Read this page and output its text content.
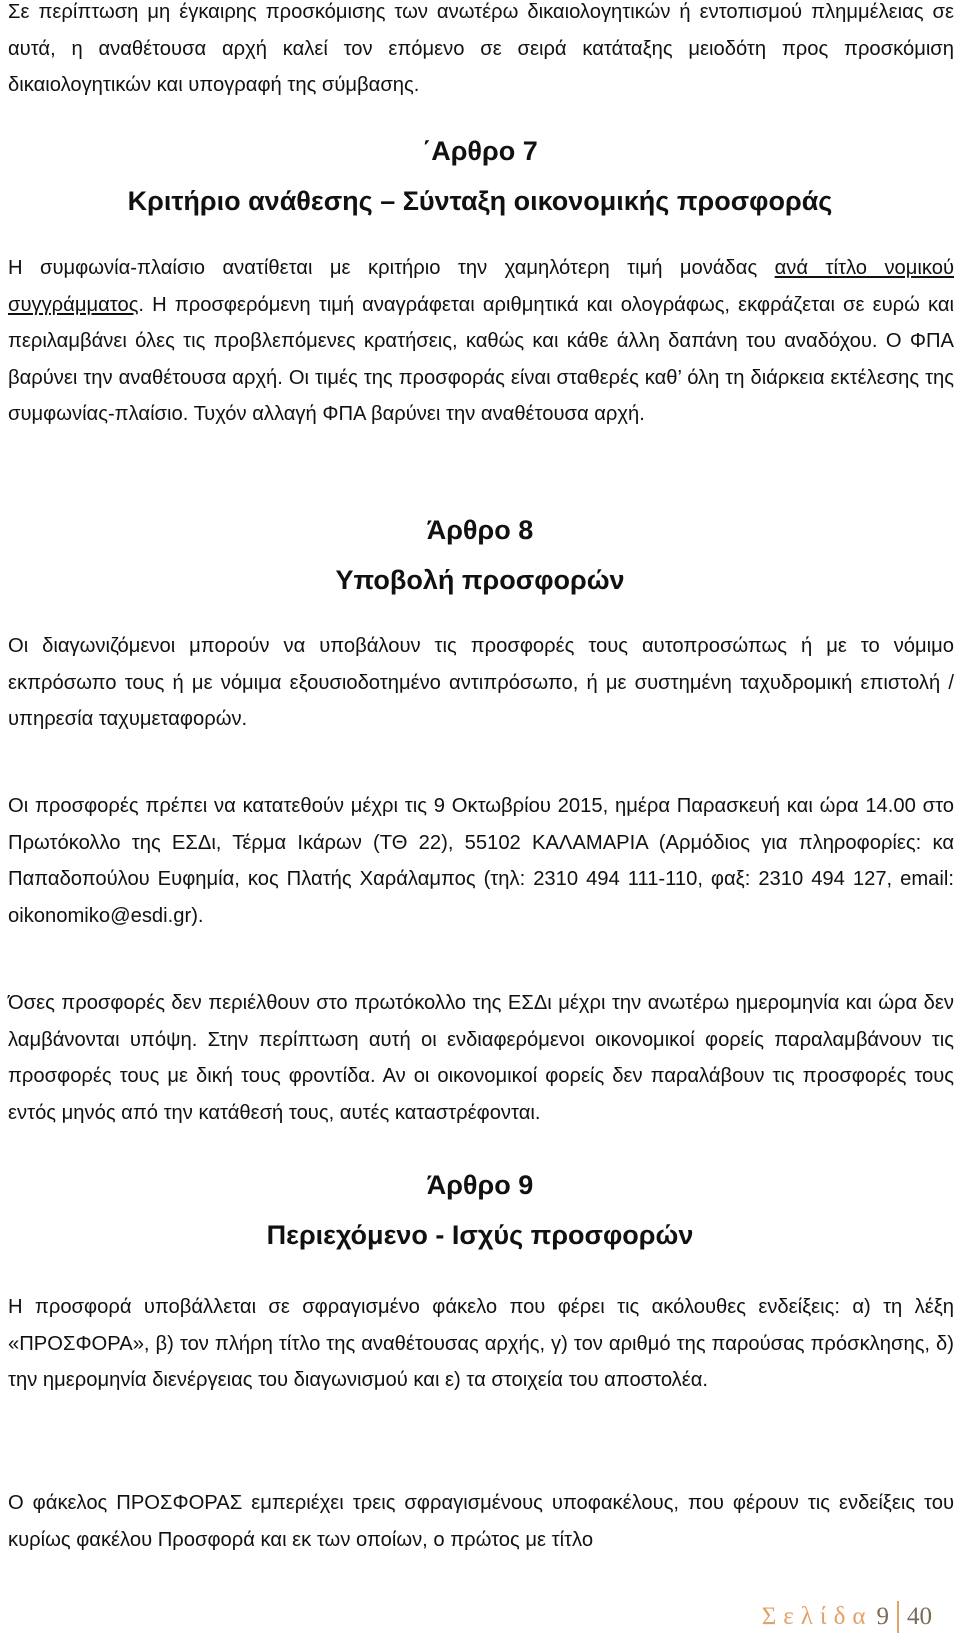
Σε περίπτωση μη έγκαιρης προσκόμισης των ανωτέρω δικαιολογητικών ή εντοπισμού πλημμέλειας σε αυτά, η αναθέτουσα αρχή καλεί τον επόμενο σε σειρά κατάταξης μειοδότη προς προσκόμιση δικαιολογητικών και υπογραφή της σύμβασης.

΄Αρθρο 7
Κριτήριο ανάθεσης – Σύνταξη οικονομικής προσφοράς

Η συμφωνία-πλαίσιο ανατίθεται με κριτήριο την χαμηλότερη τιμή μονάδας ανά τίτλο νομικού συγγράμματος. Η προσφερόμενη τιμή αναγράφεται αριθμητικά και ολογράφως, εκφράζεται σε ευρώ και περιλαμβάνει όλες τις προβλεπόμενες κρατήσεις, καθώς και κάθε άλλη δαπάνη του αναδόχου. Ο ΦΠΑ βαρύνει την αναθέτουσα αρχή. Οι τιμές της προσφοράς είναι σταθερές καθ’ όλη τη διάρκεια εκτέλεσης της συμφωνίας-πλαίσιο. Τυχόν αλλαγή ΦΠΑ βαρύνει την αναθέτουσα αρχή.

Άρθρο 8
Υποβολή προσφορών

Οι διαγωνιζόμενοι μπορούν να υποβάλουν τις προσφορές τους αυτοπροσώπως ή με το νόμιμο εκπρόσωπο τους ή με νόμιμα εξουσιοδοτημένο αντιπρόσωπο, ή με συστημένη ταχυδρομική επιστολή / υπηρεσία ταχυμεταφορών.

Οι προσφορές πρέπει να κατατεθούν μέχρι τις 9 Οκτωβρίου 2015, ημέρα Παρασκευή και ώρα 14.00 στο Πρωτόκολλο της ΕΣΔι, Τέρμα Ικάρων (ΤΘ 22), 55102 ΚΑΛΑΜΑΡΙΑ (Αρμόδιος για πληροφορίες: κα Παπαδοπούλου Ευφημία, κος Πλατής Χαράλαμπος (τηλ: 2310 494 111-110, φαξ: 2310 494 127, email: oikonomiko@esdi.gr).

Όσες προσφορές δεν περιέλθουν στο πρωτόκολλο της ΕΣΔι μέχρι την ανωτέρω ημερομηνία και ώρα δεν λαμβάνονται υπόψη. Στην περίπτωση αυτή οι ενδιαφερόμενοι οικονομικοί φορείς παραλαμβάνουν τις προσφορές τους με δική τους φροντίδα. Αν οι οικονομικοί φορείς δεν παραλάβουν τις προσφορές τους εντός μηνός από την κατάθεσή τους, αυτές καταστρέφονται.

Άρθρο 9
Περιεχόμενο - Ισχύς προσφορών

Η προσφορά υποβάλλεται σε σφραγισμένο φάκελο που φέρει τις ακόλουθες ενδείξεις: α) τη λέξη «ΠΡΟΣΦΟΡΑ», β) τον πλήρη τίτλο της αναθέτουσας αρχής, γ) τον αριθμό της παρούσας πρόσκλησης, δ) την ημερομηνία διενέργειας του διαγωνισμού και ε) τα στοιχεία του αποστολέα.

Ο φάκελος ΠΡΟΣΦΟΡΑΣ εμπεριέχει τρεις σφραγισμένους υποφακέλους, που φέρουν τις ενδείξεις του κυρίως φακέλου Προσφορά και εκ των οποίων, ο πρώτος με τίτλο

Σελίδα 9 40
